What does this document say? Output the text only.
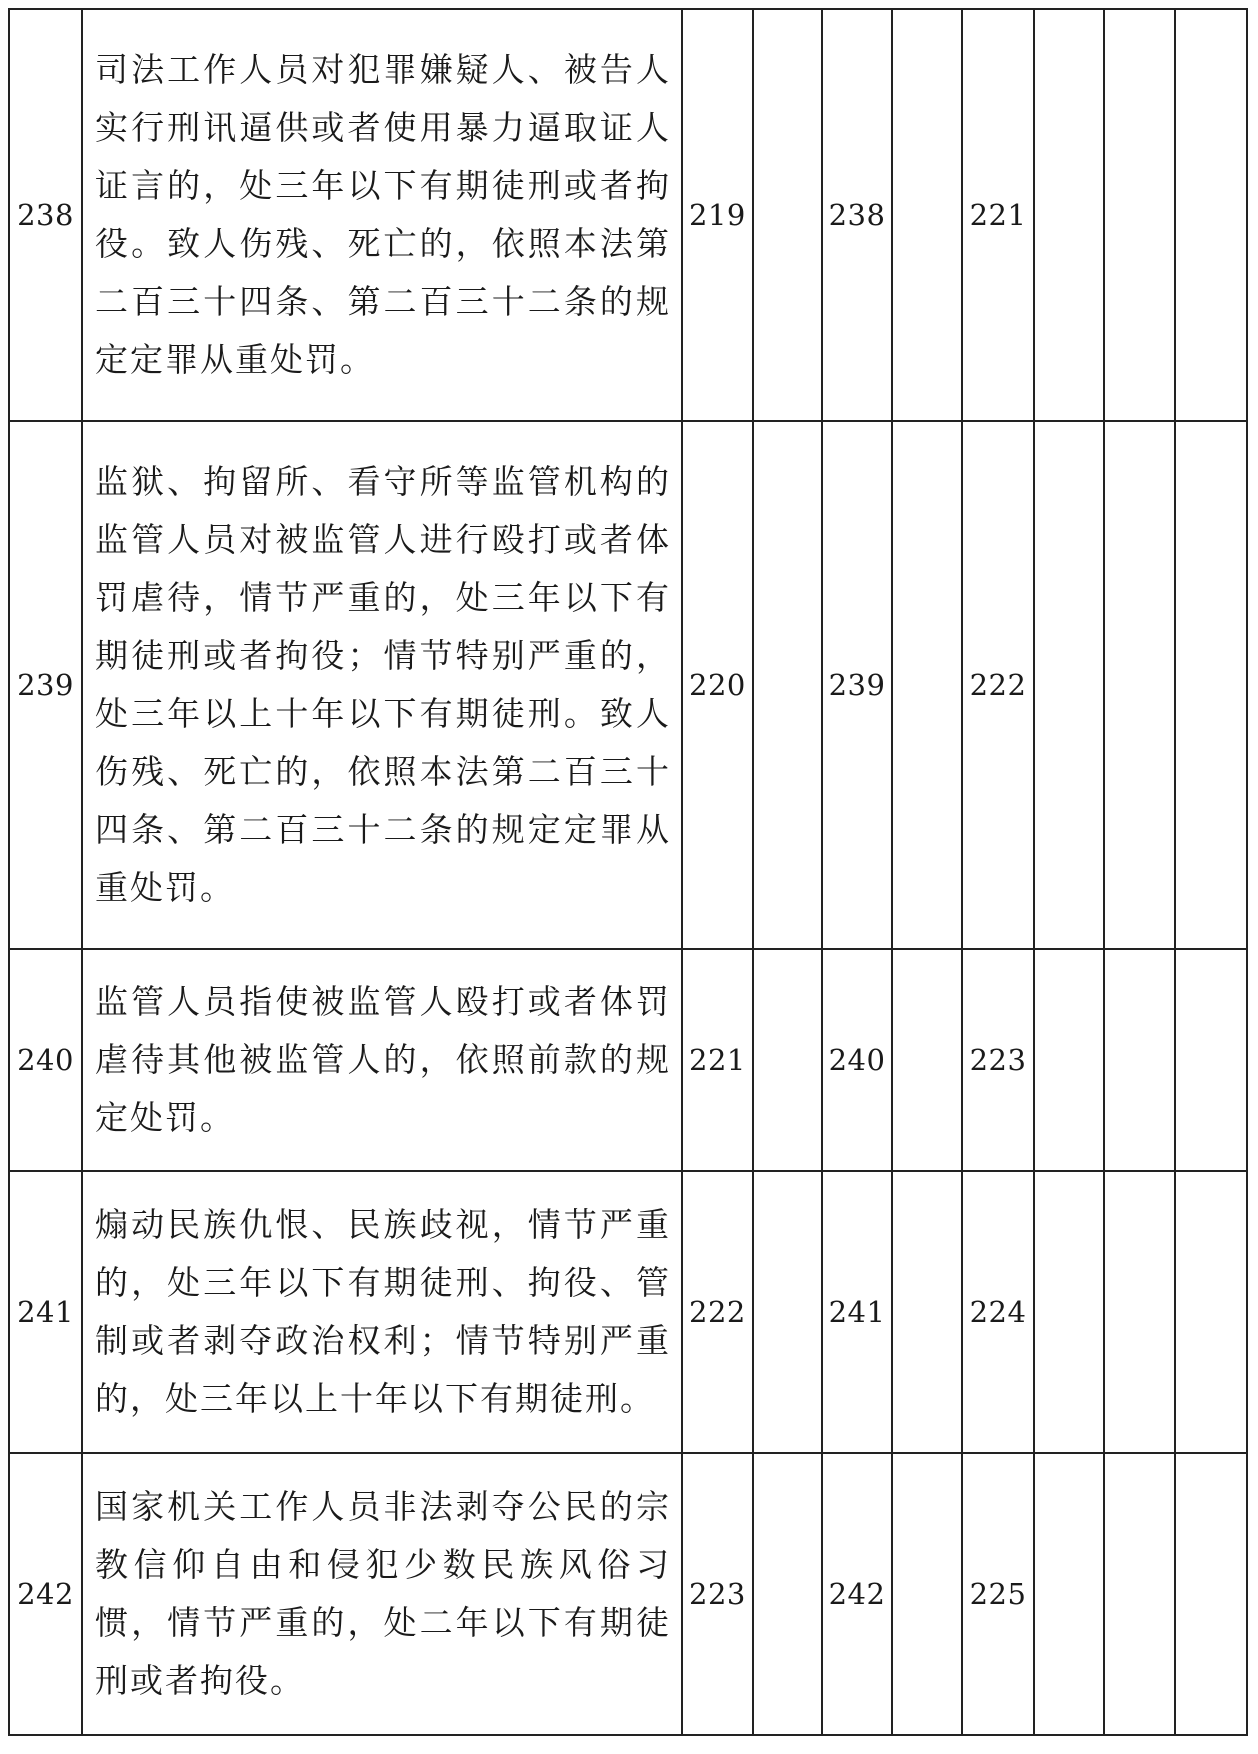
238	司法工作人员对犯罪嫌疑人、被告人实行刑讯逼供或者使用暴力逼取证人证言的，处三年以下有期徒刑或者拘役。致人伤残、死亡的，依照本法第二百三十四条、第二百三十二条的规定定罪从重处罚。	219		238		221			
239	监狱、拘留所、看守所等监管机构的监管人员对被监管人进行殴打或者体罚虐待，情节严重的，处三年以下有期徒刑或者拘役；情节特别严重的，处三年以上十年以下有期徒刑。致人伤残、死亡的，依照本法第二百三十四条、第二百三十二条的规定定罪从重处罚。	220		239		222			
240	监管人员指使被监管人殴打或者体罚虐待其他被监管人的，依照前款的规定处罚。	221		240		223			
241	煽动民族仇恨、民族歧视，情节严重的，处三年以下有期徒刑、拘役、管制或者剥夺政治权利；情节特别严重的，处三年以上十年以下有期徒刑。	222		241		224			
242	国家机关工作人员非法剥夺公民的宗教信仰自由和侵犯少数民族风俗习惯，情节严重的，处二年以下有期徒刑或者拘役。	223		242		225			
